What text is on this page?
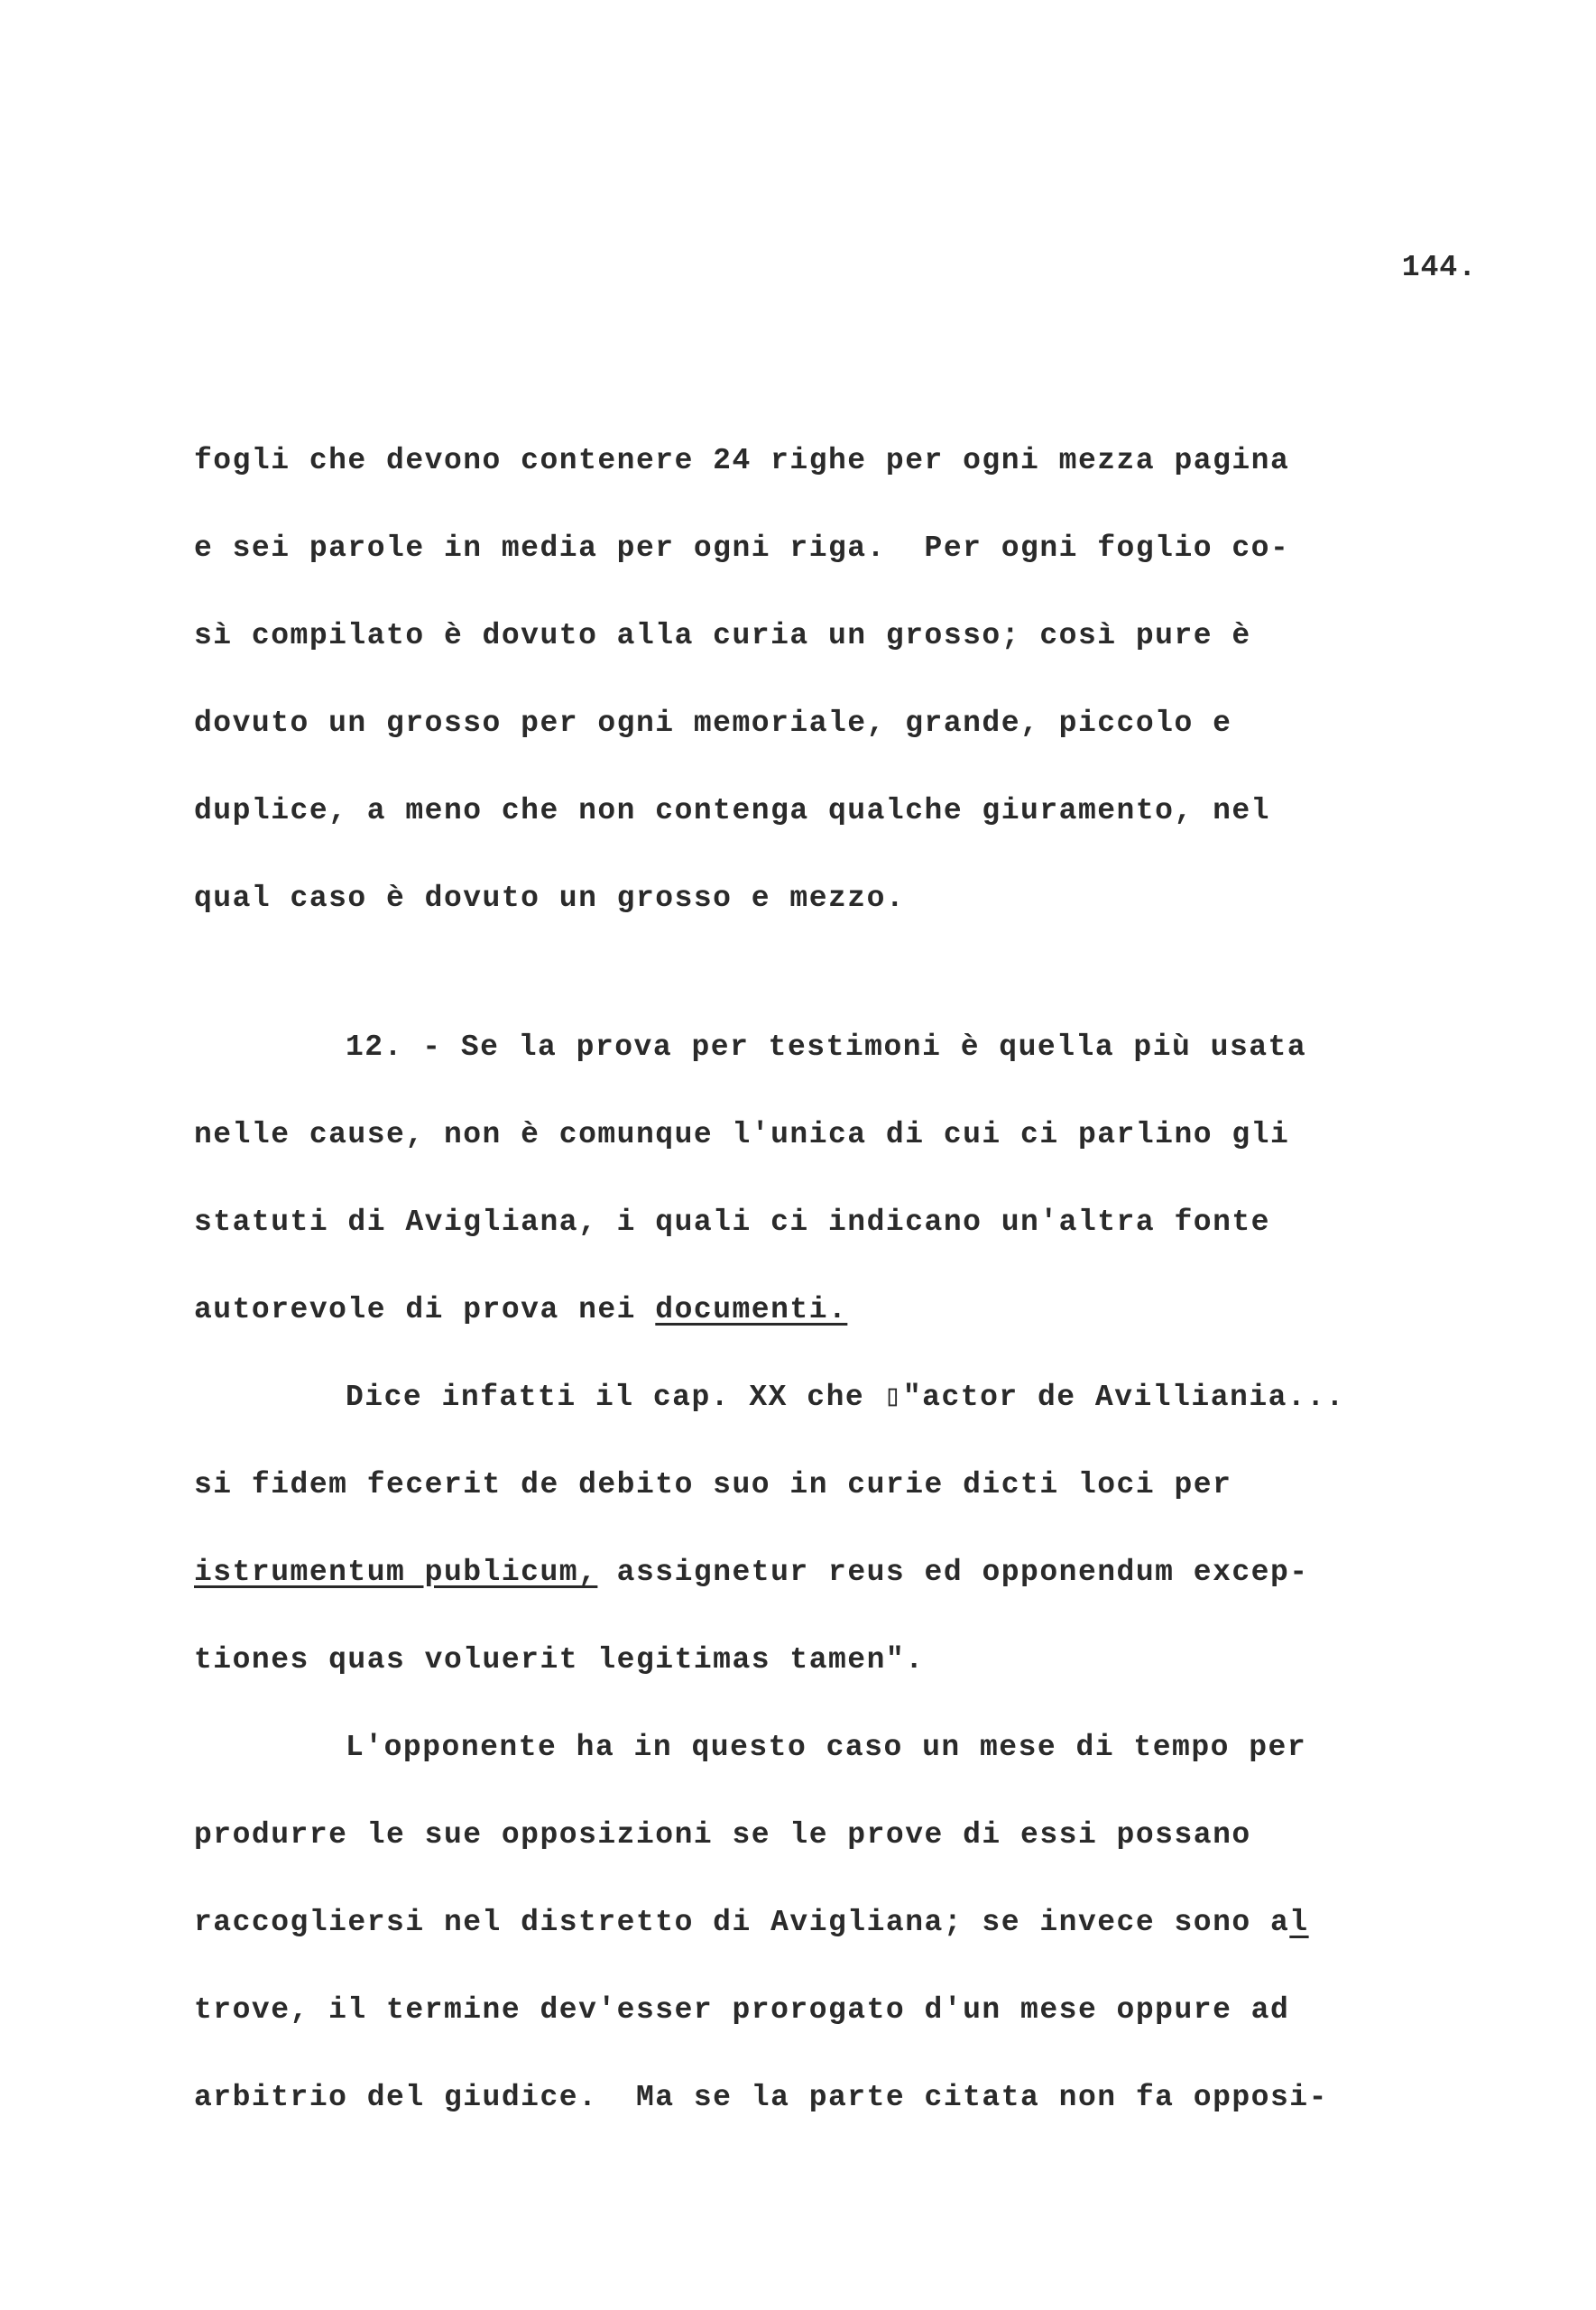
144.
fogli che devono contenere 24 righe per ogni mezza pagina
e sei parole in media per ogni riga.  Per ogni foglio co-
sì compilato è dovuto alla curia un grosso; così pure è
dovuto un grosso per ogni memoriale, grande, piccolo e
duplice, a meno che non contenga qualche giuramento, nel
qual caso è dovuto un grosso e mezzo.
12. - Se la prova per testimoni è quella più usata
nelle cause, non è comunque l'unica di cui ci parlino gli
statuti di Avigliana, i quali ci indicano un'altra fonte
autorevole di prova nei documenti.
Dice infatti il cap. XX che ▯"actor de Avilliania...
si fidem fecerit de debito suo in curie dicti loci per
istrumentum publicum, assignetur reus ed opponendum excep-
tiones quas voluerit legitimas tamen".
L'opponente ha in questo caso un mese di tempo per
produrre le sue opposizioni se le prove di essi possano
raccogliersi nel distretto di Avigliana; se invece sono al
trove, il termine dev'esser prorogato d'un mese oppure ad
arbitrio del giudice.  Ma se la parte citata non fa opposi-
